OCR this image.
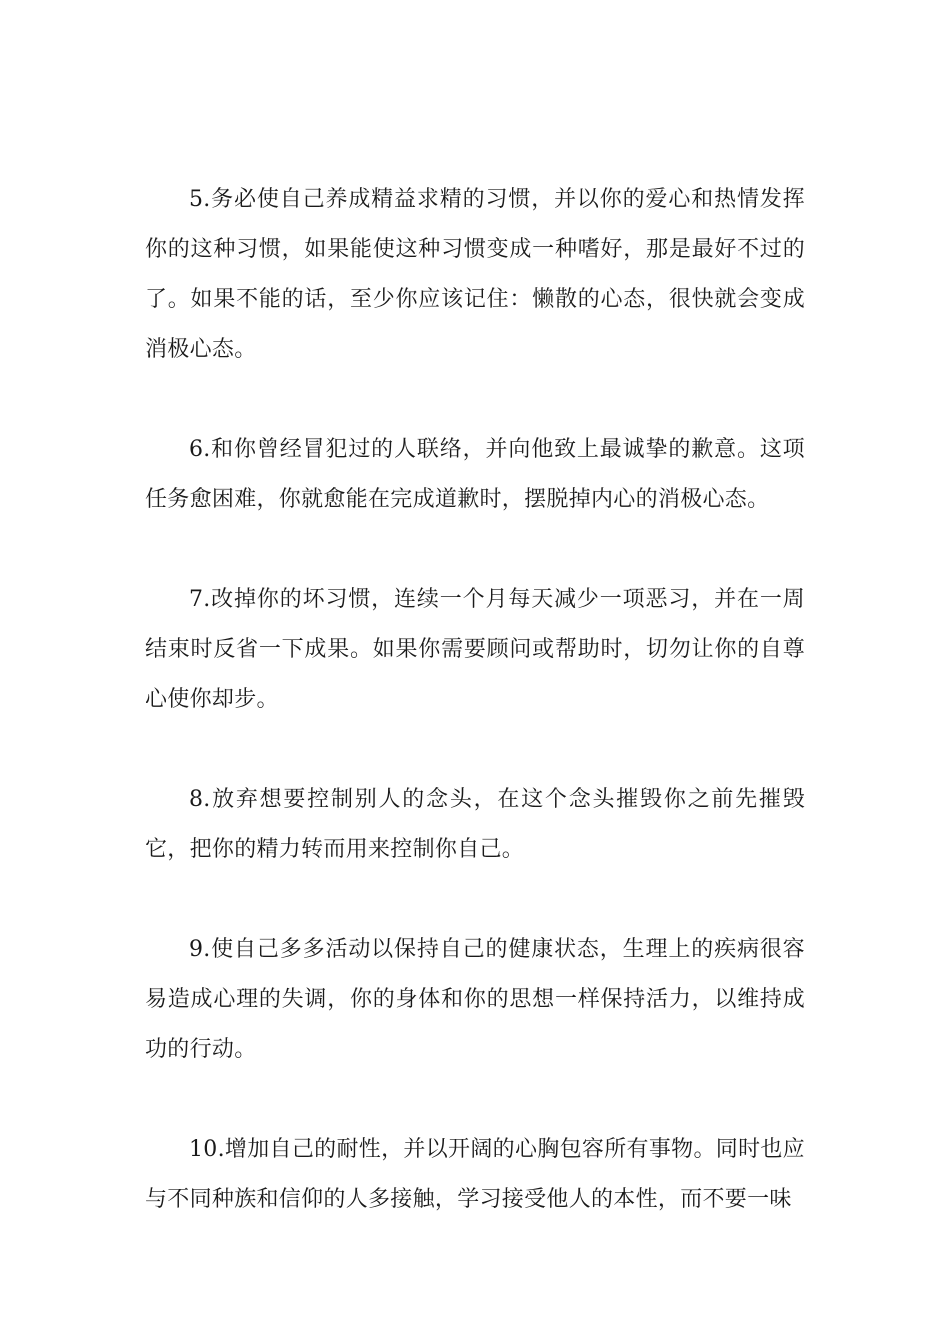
5.务必使自己养成精益求精的习惯，并以你的爱心和热情发挥你的这种习惯，如果能使这种习惯变成一种嗜好，那是最好不过的了。如果不能的话，至少你应该记住：懒散的心态，很快就会变成消极心态。

6.和你曾经冒犯过的人联络，并向他致上最诚挚的歉意。这项任务愈困难，你就愈能在完成道歉时，摆脱掉内心的消极心态。

7.改掉你的坏习惯，连续一个月每天减少一项恶习，并在一周结束时反省一下成果。如果你需要顾问或帮助时，切勿让你的自尊心使你却步。

8.放弃想要控制别人的念头，在这个念头摧毁你之前先摧毁它，把你的精力转而用来控制你自己。

9.使自己多多活动以保持自己的健康状态，生理上的疾病很容易造成心理的失调，你的身体和你的思想一样保持活力，以维持成功的行动。

10.增加自己的耐性，并以开阔的心胸包容所有事物。同时也应与不同种族和信仰的人多接触，学习接受他人的本性，而不要一味
